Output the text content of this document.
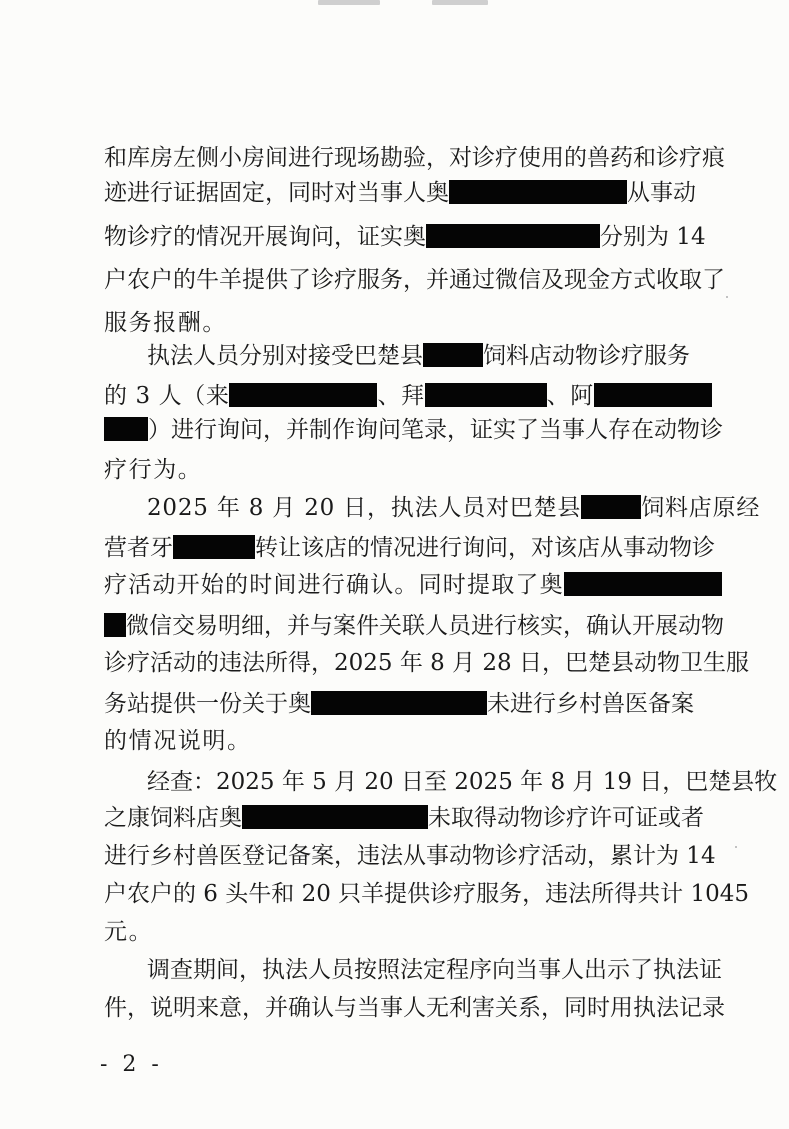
和库房左侧小房间进行现场勘验，对诊疗使用的兽药和诊疗痕
迹进行证据固定，同时对当事人奥	从事动
物诊疗的情况开展询问，证实奥	分别为 14
户农户的牛羊提供了诊疗服务，并通过微信及现金方式收取了
服务报酬。
执法人员分别对接受巴楚县	饲料店动物诊疗服务
的 3 人（来	、拜	、阿
）进行询问，并制作询问笔录，证实了当事人存在动物诊
疗行为。
2025 年 8 月 20 日，执法人员对巴楚县	饲料店原经
营者牙	转让该店的情况进行询问，对该店从事动物诊
疗活动开始的时间进行确认。同时提取了奥
微信交易明细，并与案件关联人员进行核实，确认开展动物
诊疗活动的违法所得，2025 年 8 月 28 日，巴楚县动物卫生服
务站提供一份关于奥	未进行乡村兽医备案
的情况说明。
经查：2025 年 5 月 20 日至 2025 年 8 月 19 日，巴楚县牧
之康饲料店奥	未取得动物诊疗许可证或者
进行乡村兽医登记备案，违法从事动物诊疗活动，累计为 14
户农户的 6 头牛和 20 只羊提供诊疗服务，违法所得共计 1045
元。
调查期间，执法人员按照法定程序向当事人出示了执法证
件，说明来意，并确认与当事人无利害关系，同时用执法记录
- 2 -
